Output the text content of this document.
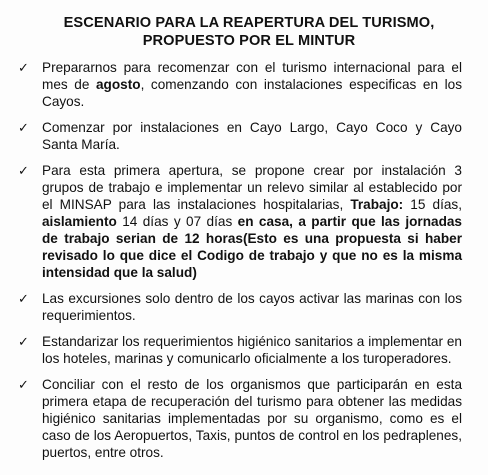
ESCENARIO PARA LA REAPERTURA DEL TURISMO,
PROPUESTO POR EL MINTUR
✓ Prepararnos para recomenzar con el turismo internacional para el mes de agosto, comenzando con instalaciones especificas en los Cayos.
✓ Comenzar por instalaciones en Cayo Largo, Cayo Coco y Cayo Santa María.
✓ Para esta primera apertura, se propone crear por instalación 3 grupos de trabajo e implementar un relevo similar al establecido por el MINSAP para las instalaciones hospitalarias, Trabajo: 15 días, aislamiento 14 días y 07 días en casa, a partir que las jornadas de trabajo serian de 12 horas(Esto es una propuesta si haber revisado lo que dice el Codigo de trabajo y que no es la misma intensidad que la salud)
✓ Las excursiones solo dentro de los cayos activar las marinas con los requerimientos.
✓ Estandarizar los requerimientos higiénico sanitarios a implementar en los hoteles, marinas y comunicarlo oficialmente a los turoperadores.
✓ Conciliar con el resto de los organismos que participarán en esta primera etapa de recuperación del turismo para obtener las medidas higiénico sanitarias implementadas por su organismo, como es el caso de los Aeropuertos, Taxis, puntos de control en los pedraplenes, puertos, entre otros.
